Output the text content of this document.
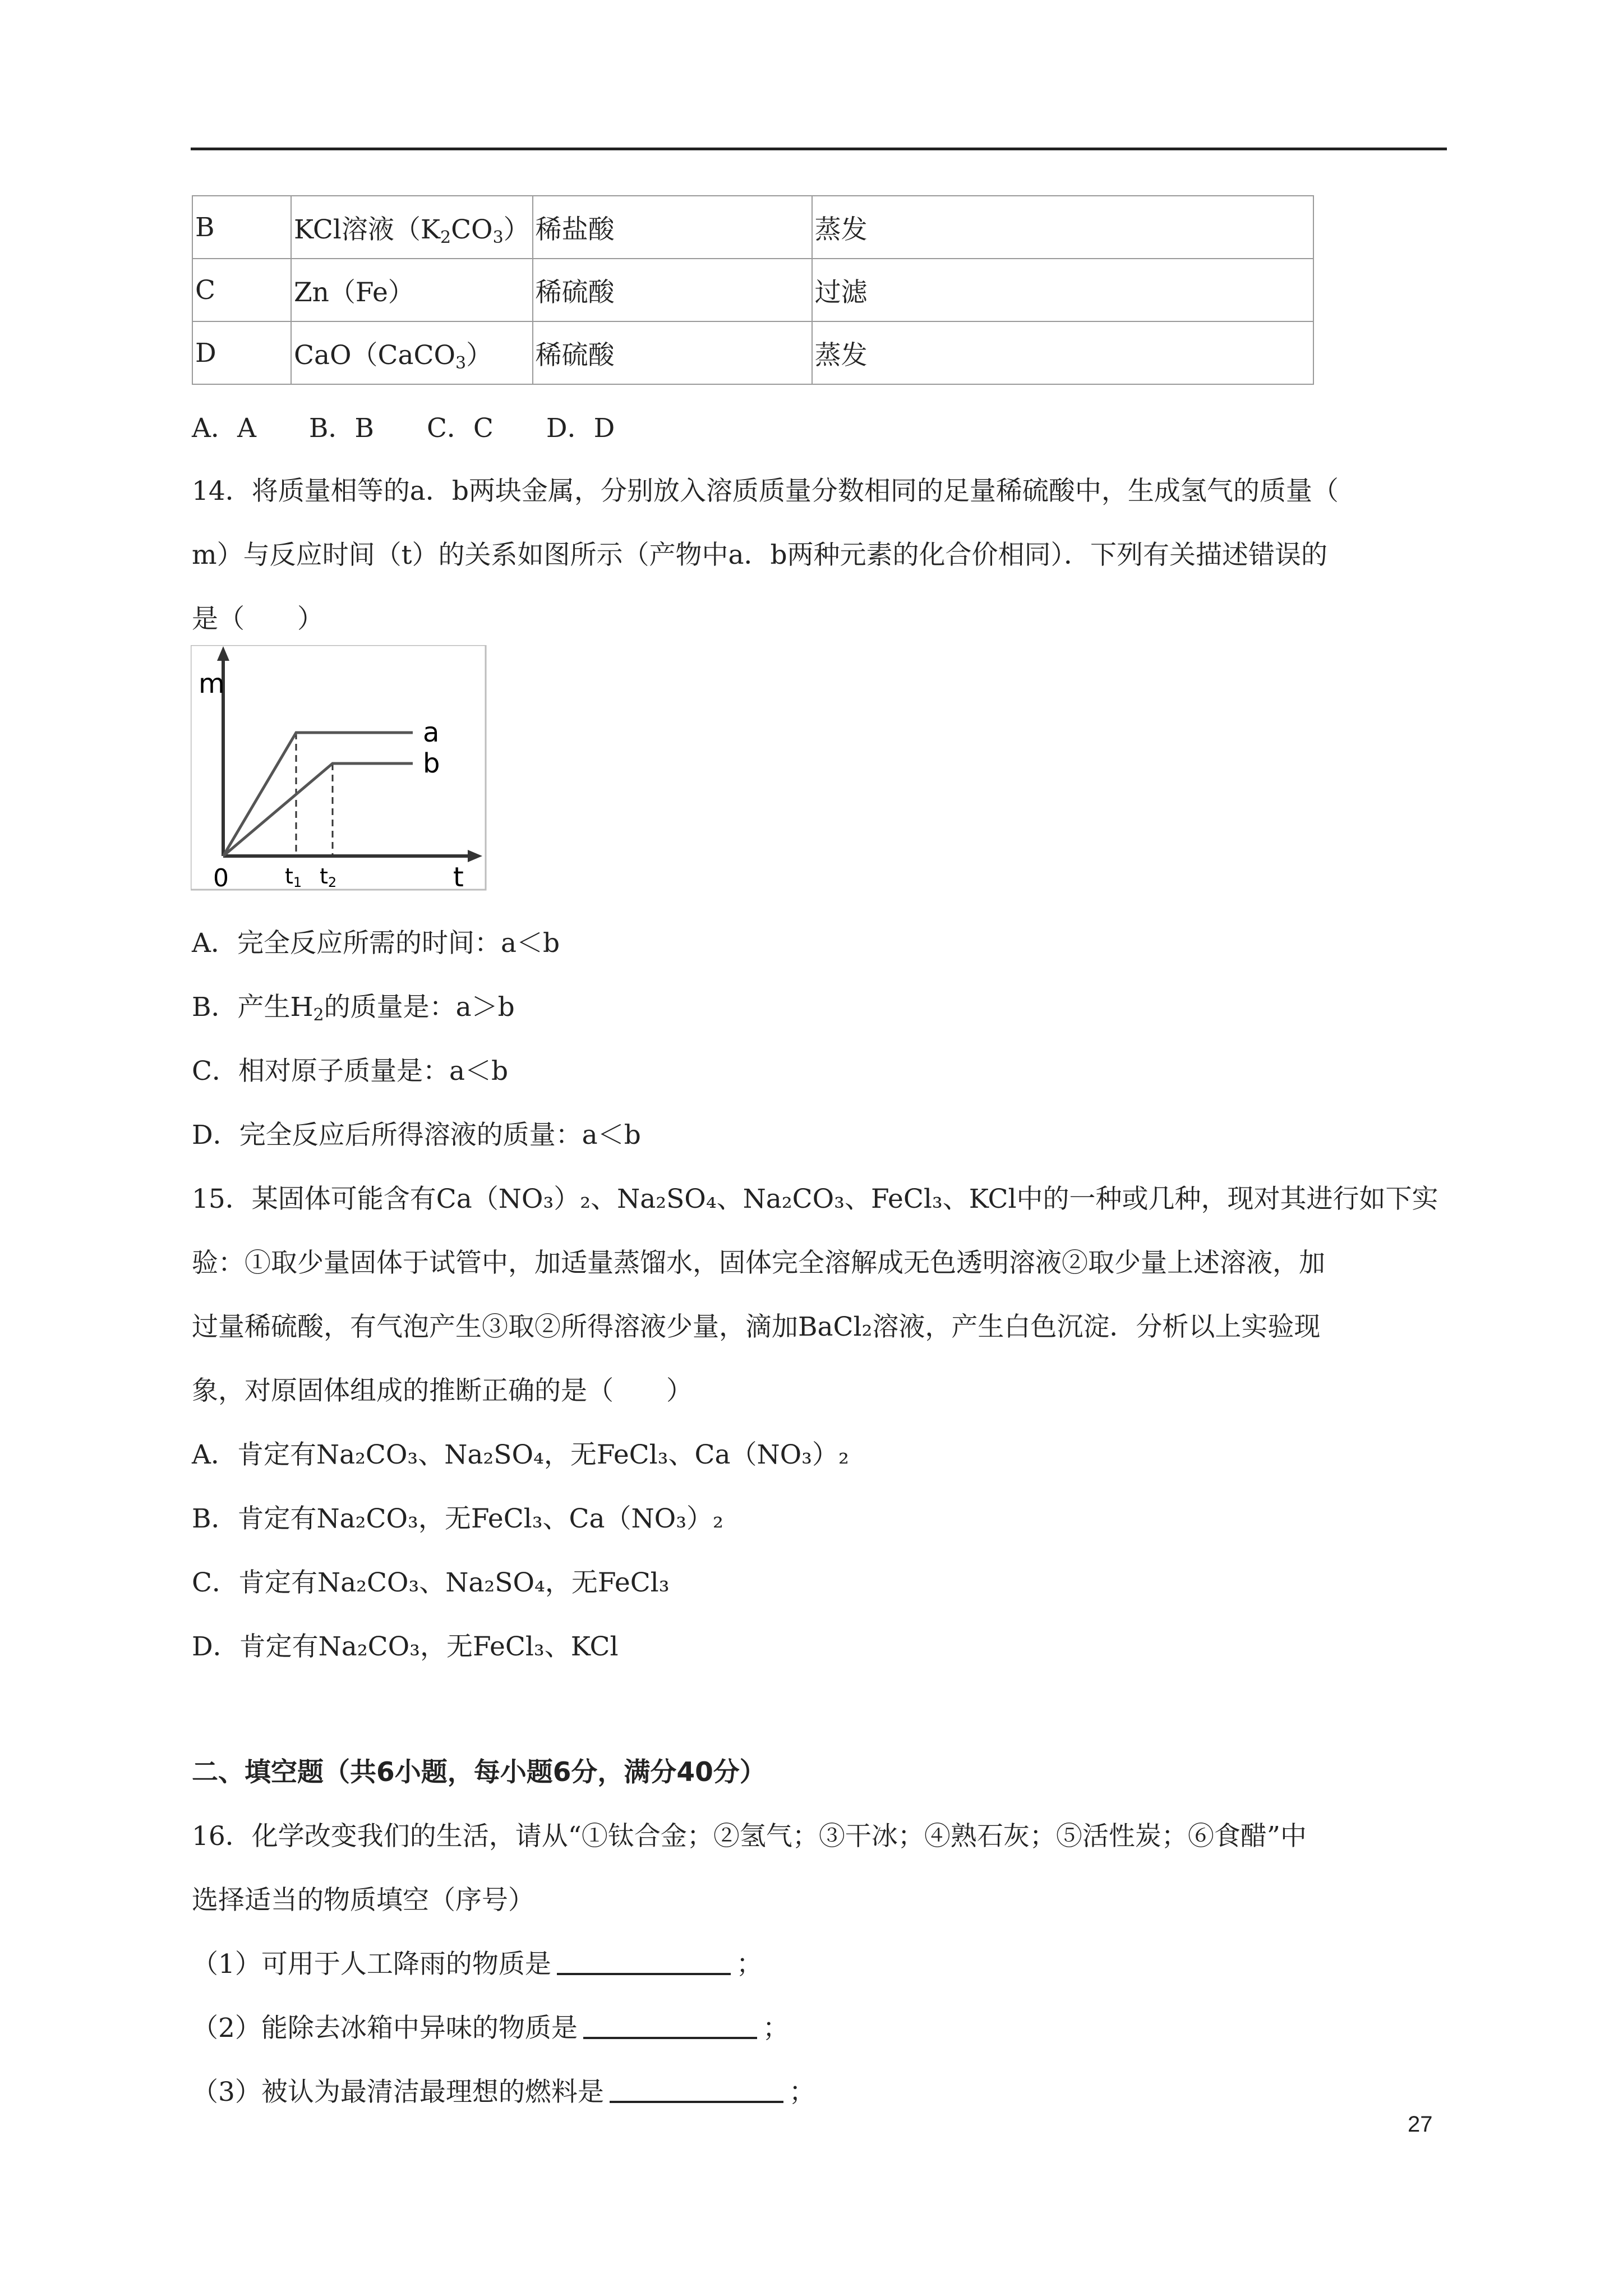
B	KCl溶液$(K_2CO_3)$	稀盐酸	蒸发
C	Zn（Fe）	稀硫酸	过滤
D	CaO（CaCO$_3$）	稀硫酸	蒸发
A．A　　B．B　　C．C　　D．D
14．将质量相等的a．b两块金属，分别放入溶质质量分数相同的足量稀硫酸中，生成氢气的质量（
m）与反应时间（t）的关系如图所示（产物中a．b两种元素的化合价相同）．下列有关描述错误的
是（　　）
m
t
0	t1 t2
a
b
A．完全反应所需的时间：a＜b
B．产生$H_2$的质量是：a＞b
C．相对原子质量是：a＜b
D．完全反应后所得溶液的质量：a＜b
15．某固体可能含有Ca（NO₃）₂、Na₂SO₄、Na₂CO₃、FeCl₃、KCl中的一种或几种，现对其进行如下实
验：①取少量固体于试管中，加适量蒸馏水，固体完全溶解成无色透明溶液②取少量上述溶液，加
过量稀硫酸，有气泡产生③取②所得溶液少量，滴加BaCl₂溶液，产生白色沉淀．分析以上实验现
象，对原固体组成的推断正确的是（　　）
A．肯定有Na₂CO₃、Na₂SO₄，无FeCl₃、Ca（NO₃）₂
B．肯定有Na₂CO₃，无FeCl₃、Ca（NO₃）₂
C．肯定有Na₂CO₃、Na₂SO₄，无FeCl₃
D．肯定有Na₂CO₃，无FeCl₃、KCl
二、填空题（共6小题，每小题6分，满分40分）
16．化学改变我们的生活，请从“①钛合金；②氢气；③干冰；④熟石灰；⑤活性炭；⑥食醋”中
选择适当的物质填空（序号）
（1）可用于人工降雨的物质是	；
（2）能除去冰箱中异味的物质是	；
（3）被认为最清洁最理想的燃料是	；
27
